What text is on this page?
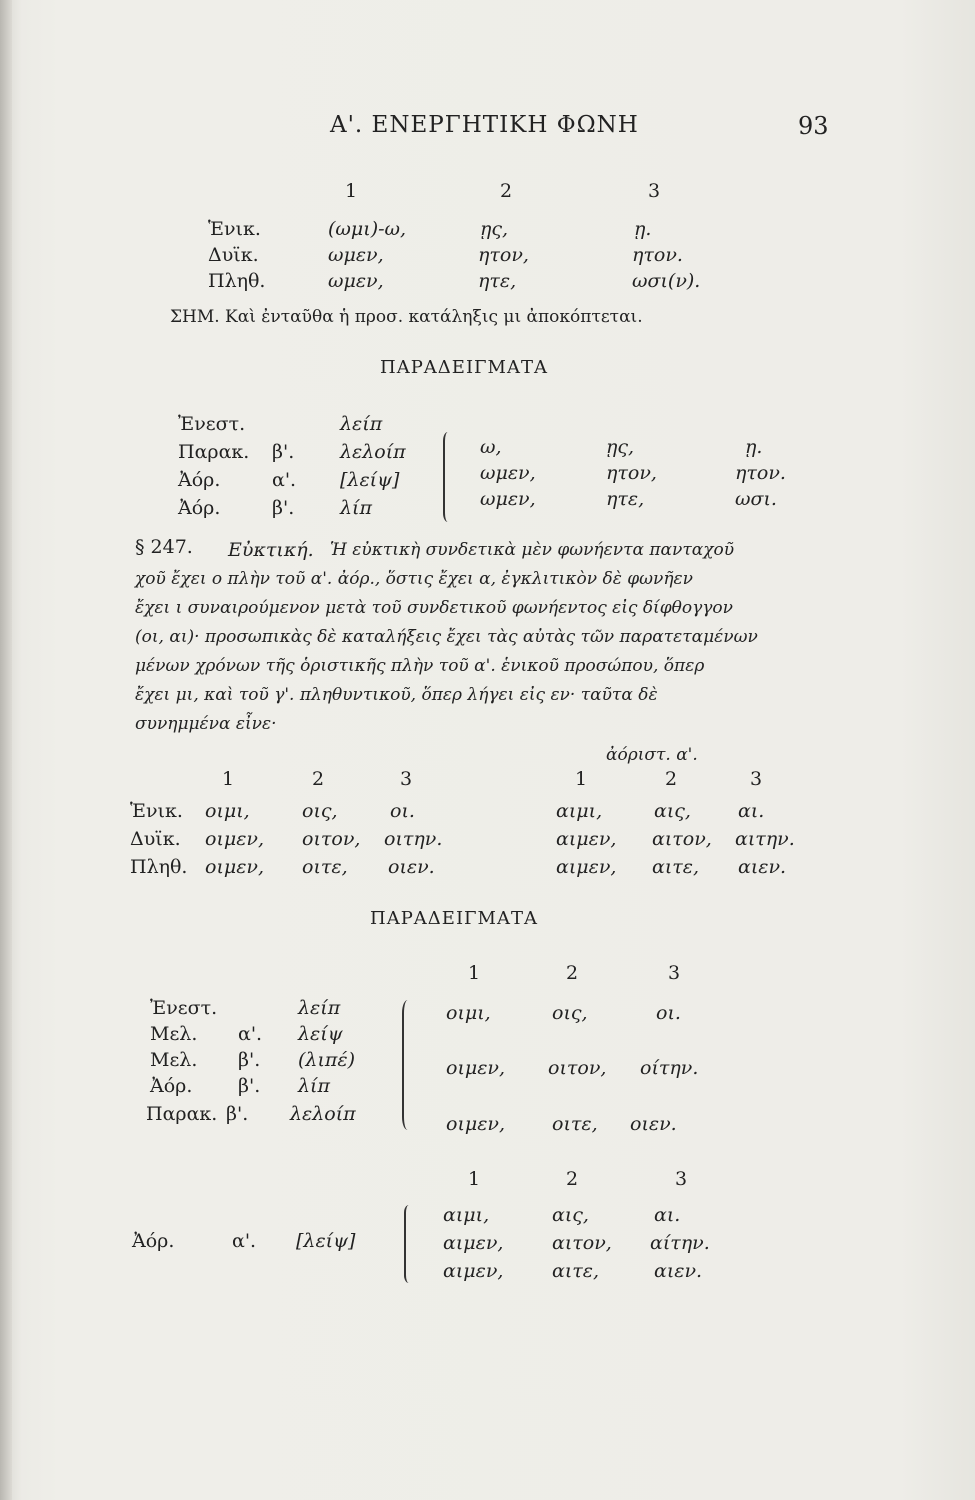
Α'. ΕΝΕΡΓΗΤΙΚΗ ΦΩΝΗ	93
1	2	3
Ἑνικ.	(ωμι)-ω,	ῃς,	ῃ.
Δυϊκ.	ωμεν,	ητον,	ητον.
Πληθ.	ωμεν,	ητε,	ωσι(ν).
ΣΗΜ. Καὶ ἐνταῦθα ἡ προσ. κατάληξις μι ἀποκόπτεται.
ΠΑΡΑΔΕΙΓΜΑΤΑ
Ἐνεστ.	λείπ
Παρακ. β'. λελοίπ
Ἀόρ.	α'. [λείψ]
Ἀόρ.	β'. λίπ
ω,	ῃς,	ῃ.
ωμεν,	ητον,	ητον.
ωμεν,	ητε,	ωσι.
§ 247. Εὐκτική. Ἡ εὐκτικὴ συνδετικὰ μὲν φωνήεντα πανταχοῦ
χοῦ ἔχει ο πλὴν τοῦ α'. ἀόρ., ὅστις ἔχει α, ἐγκλιτικὸν δὲ φωνῆεν
ἔχει ι συναιρούμενον μετὰ τοῦ συνδετικοῦ φωνήεντος εἰς δίφθογγον
(οι, αι)· προσωπικὰς δὲ καταλήξεις ἔχει τὰς αὐτὰς τῶν παρατεταμένων
μένων χρόνων τῆς ὁριστικῆς πλὴν τοῦ α'. ἑνικοῦ προσώπου, ὅπερ
ἔχει μι, καὶ τοῦ γ'. πληθυντικοῦ, ὅπερ λήγει εἰς εν· ταῦτα δὲ
συνημμένα εἶνε·
ἀόριστ. α'.
1	2	3	1	2	3
Ἑνικ. οιμι,	οις,	οι.	αιμι,	αις, αι.
Δυϊκ. οιμεν, οιτον, οιτην.	αιμεν, αιτον, αιτην.
Πληθ. οιμεν, οιτε, οιεν.	αιμεν, αιτε, αιεν.
ΠΑΡΑΔΕΙΓΜΑΤΑ
1	2	3
Ἐνεστ.	λείπ
Μελ. α'. λείψ
Μελ. β'. (λιπέ)
Ἀόρ. β'. λίπ
Παρακ. β'. λελοίπ
οιμι,	οις,	οι.
οιμεν, οιτον, οίτην.
οιμεν, οιτε, οιεν.
1	2	3
Ἀόρ.	α'. [λείψ]
αιμι,	αις,	αι.
αιμεν,	αιτον, αίτην.
αιμεν,	αιτε,	αιεν.
